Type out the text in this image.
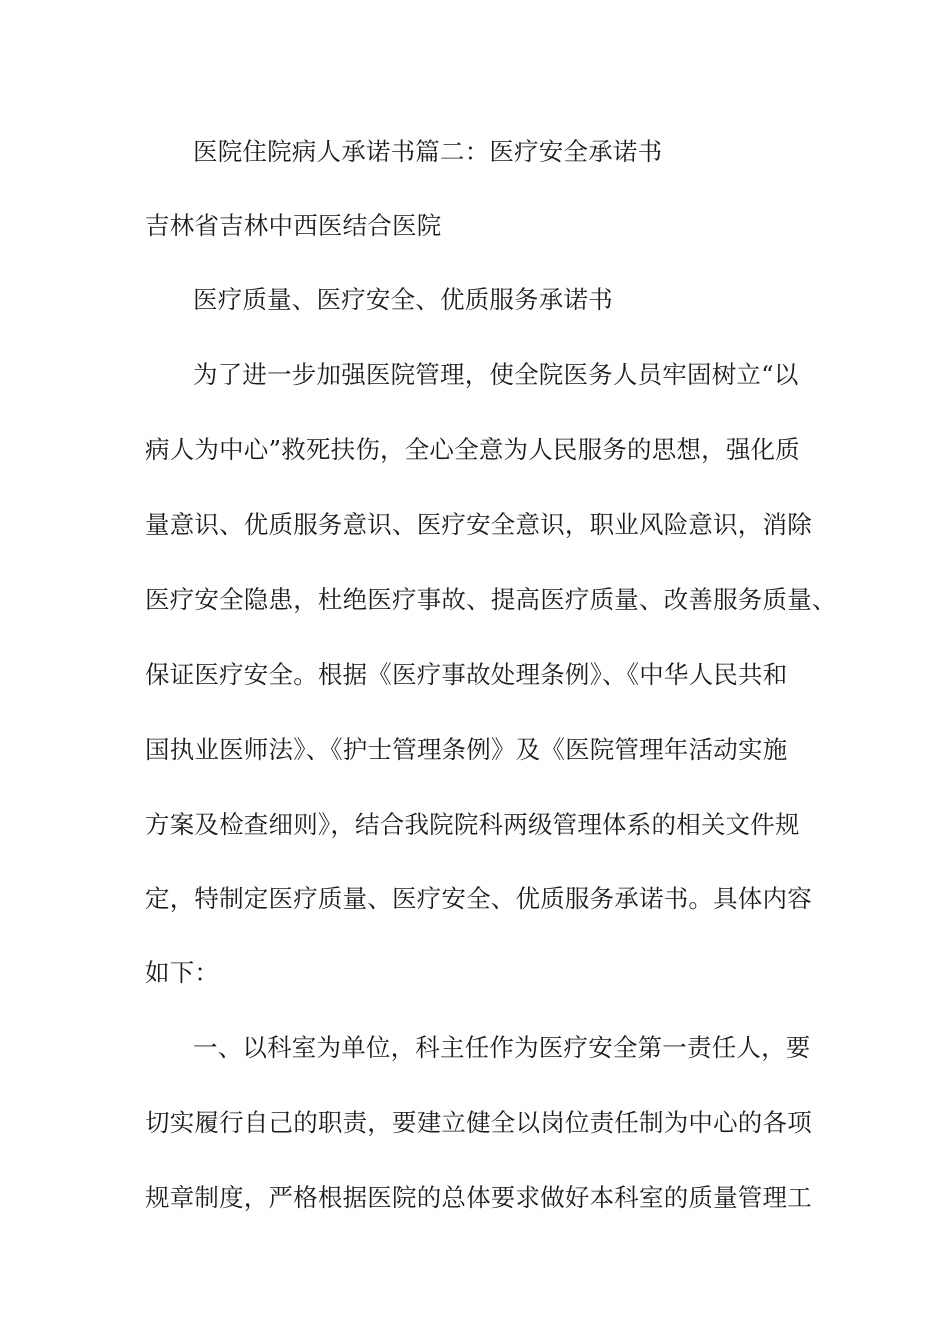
医院住院病人承诺书篇二：医疗安全承诺书
吉林省吉林中西医结合医院
医疗质量、医疗安全、优质服务承诺书
为了进一步加强医院管理，使全院医务人员牢固树立“以
病人为中心”救死扶伤，全心全意为人民服务的思想，强化质
量意识、优质服务意识、医疗安全意识，职业风险意识，消除
医疗安全隐患，杜绝医疗事故、提高医疗质量、改善服务质量、
保证医疗安全。根据《医疗事故处理条例》、《中华人民共和
国执业医师法》、《护士管理条例》及《医院管理年活动实施
方案及检查细则》，结合我院院科两级管理体系的相关文件规
定，特制定医疗质量、医疗安全、优质服务承诺书。具体内容
如下：
一、以科室为单位，科主任作为医疗安全第一责任人，要
切实履行自己的职责，要建立健全以岗位责任制为中心的各项
规章制度，严格根据医院的总体要求做好本科室的质量管理工
